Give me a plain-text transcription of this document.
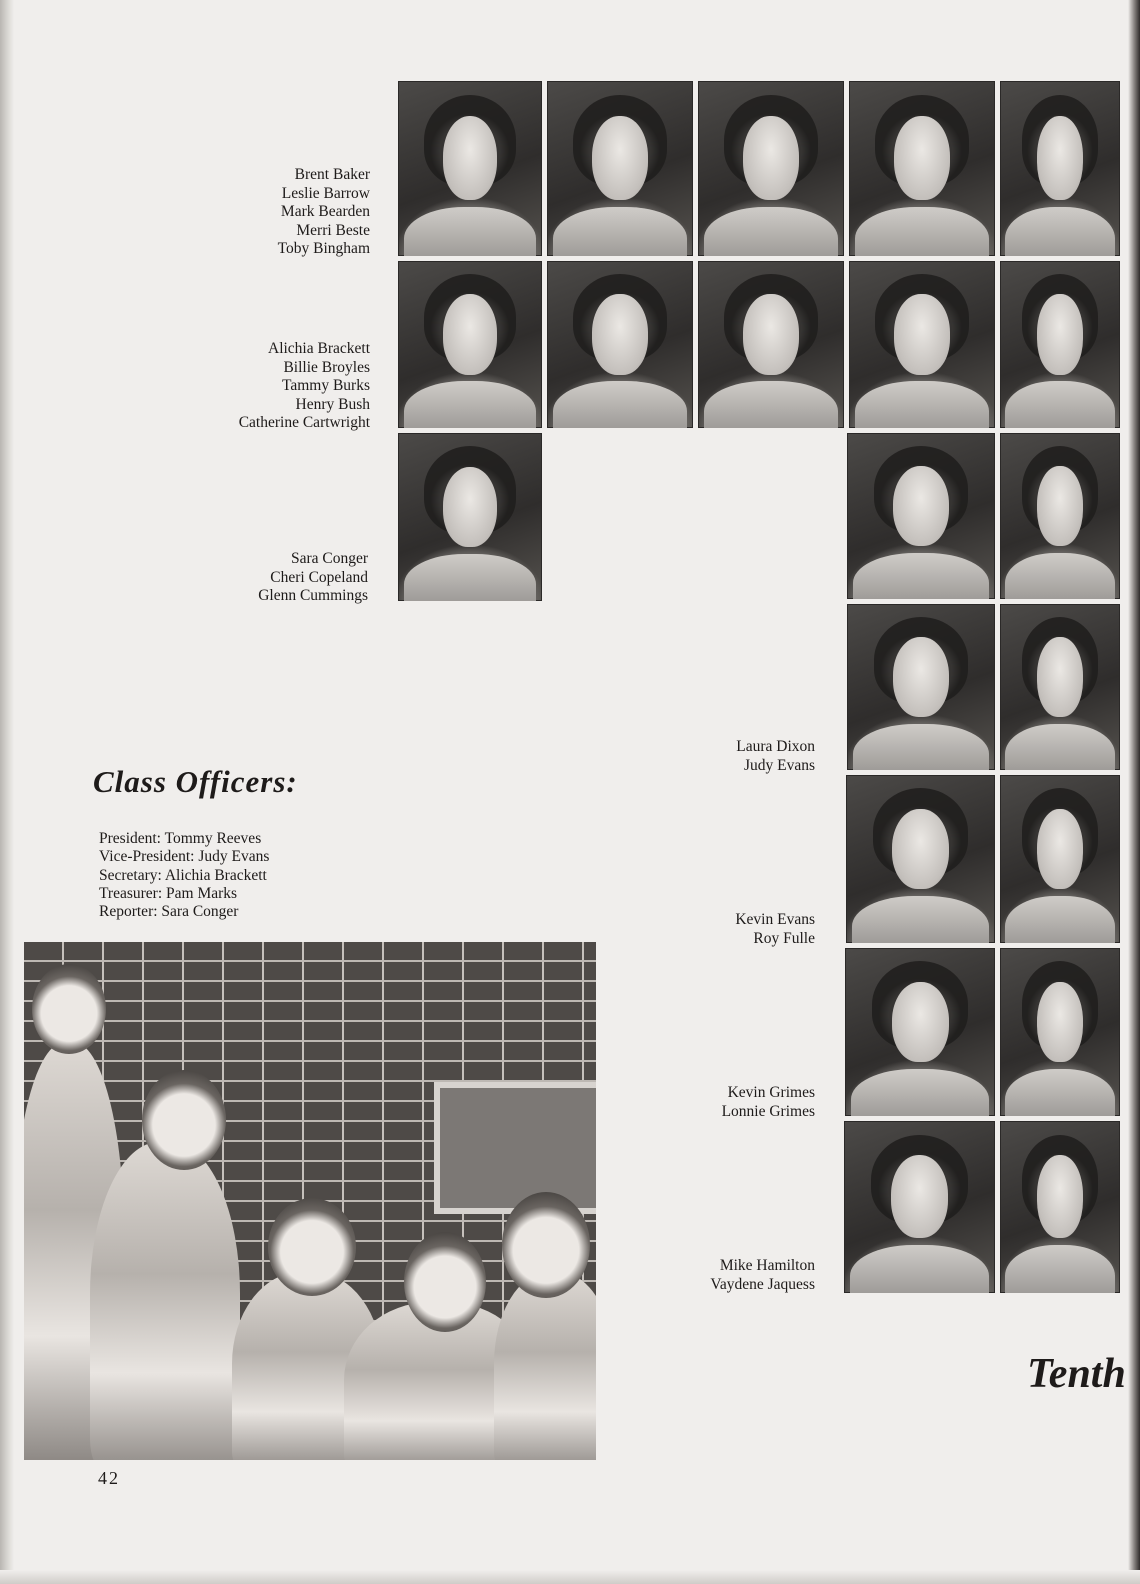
Brent Baker
Leslie Barrow
Mark Bearden
Merri Beste
Toby Bingham
Alichia Brackett
Billie Broyles
Tammy Burks
Henry Bush
Catherine Cartwright
Sara Conger
Cheri Copeland
Glenn Cummings
Laura Dixon
Judy Evans
Kevin Evans
Roy Fulle
Kevin Grimes
Lonnie Grimes
Mike Hamilton
Vaydene Jaquess
Class Officers:
President: Tommy Reeves
Vice-President: Judy Evans
Secretary: Alichia Brackett
Treasurer: Pam Marks
Reporter: Sara Conger
42
Tenth
